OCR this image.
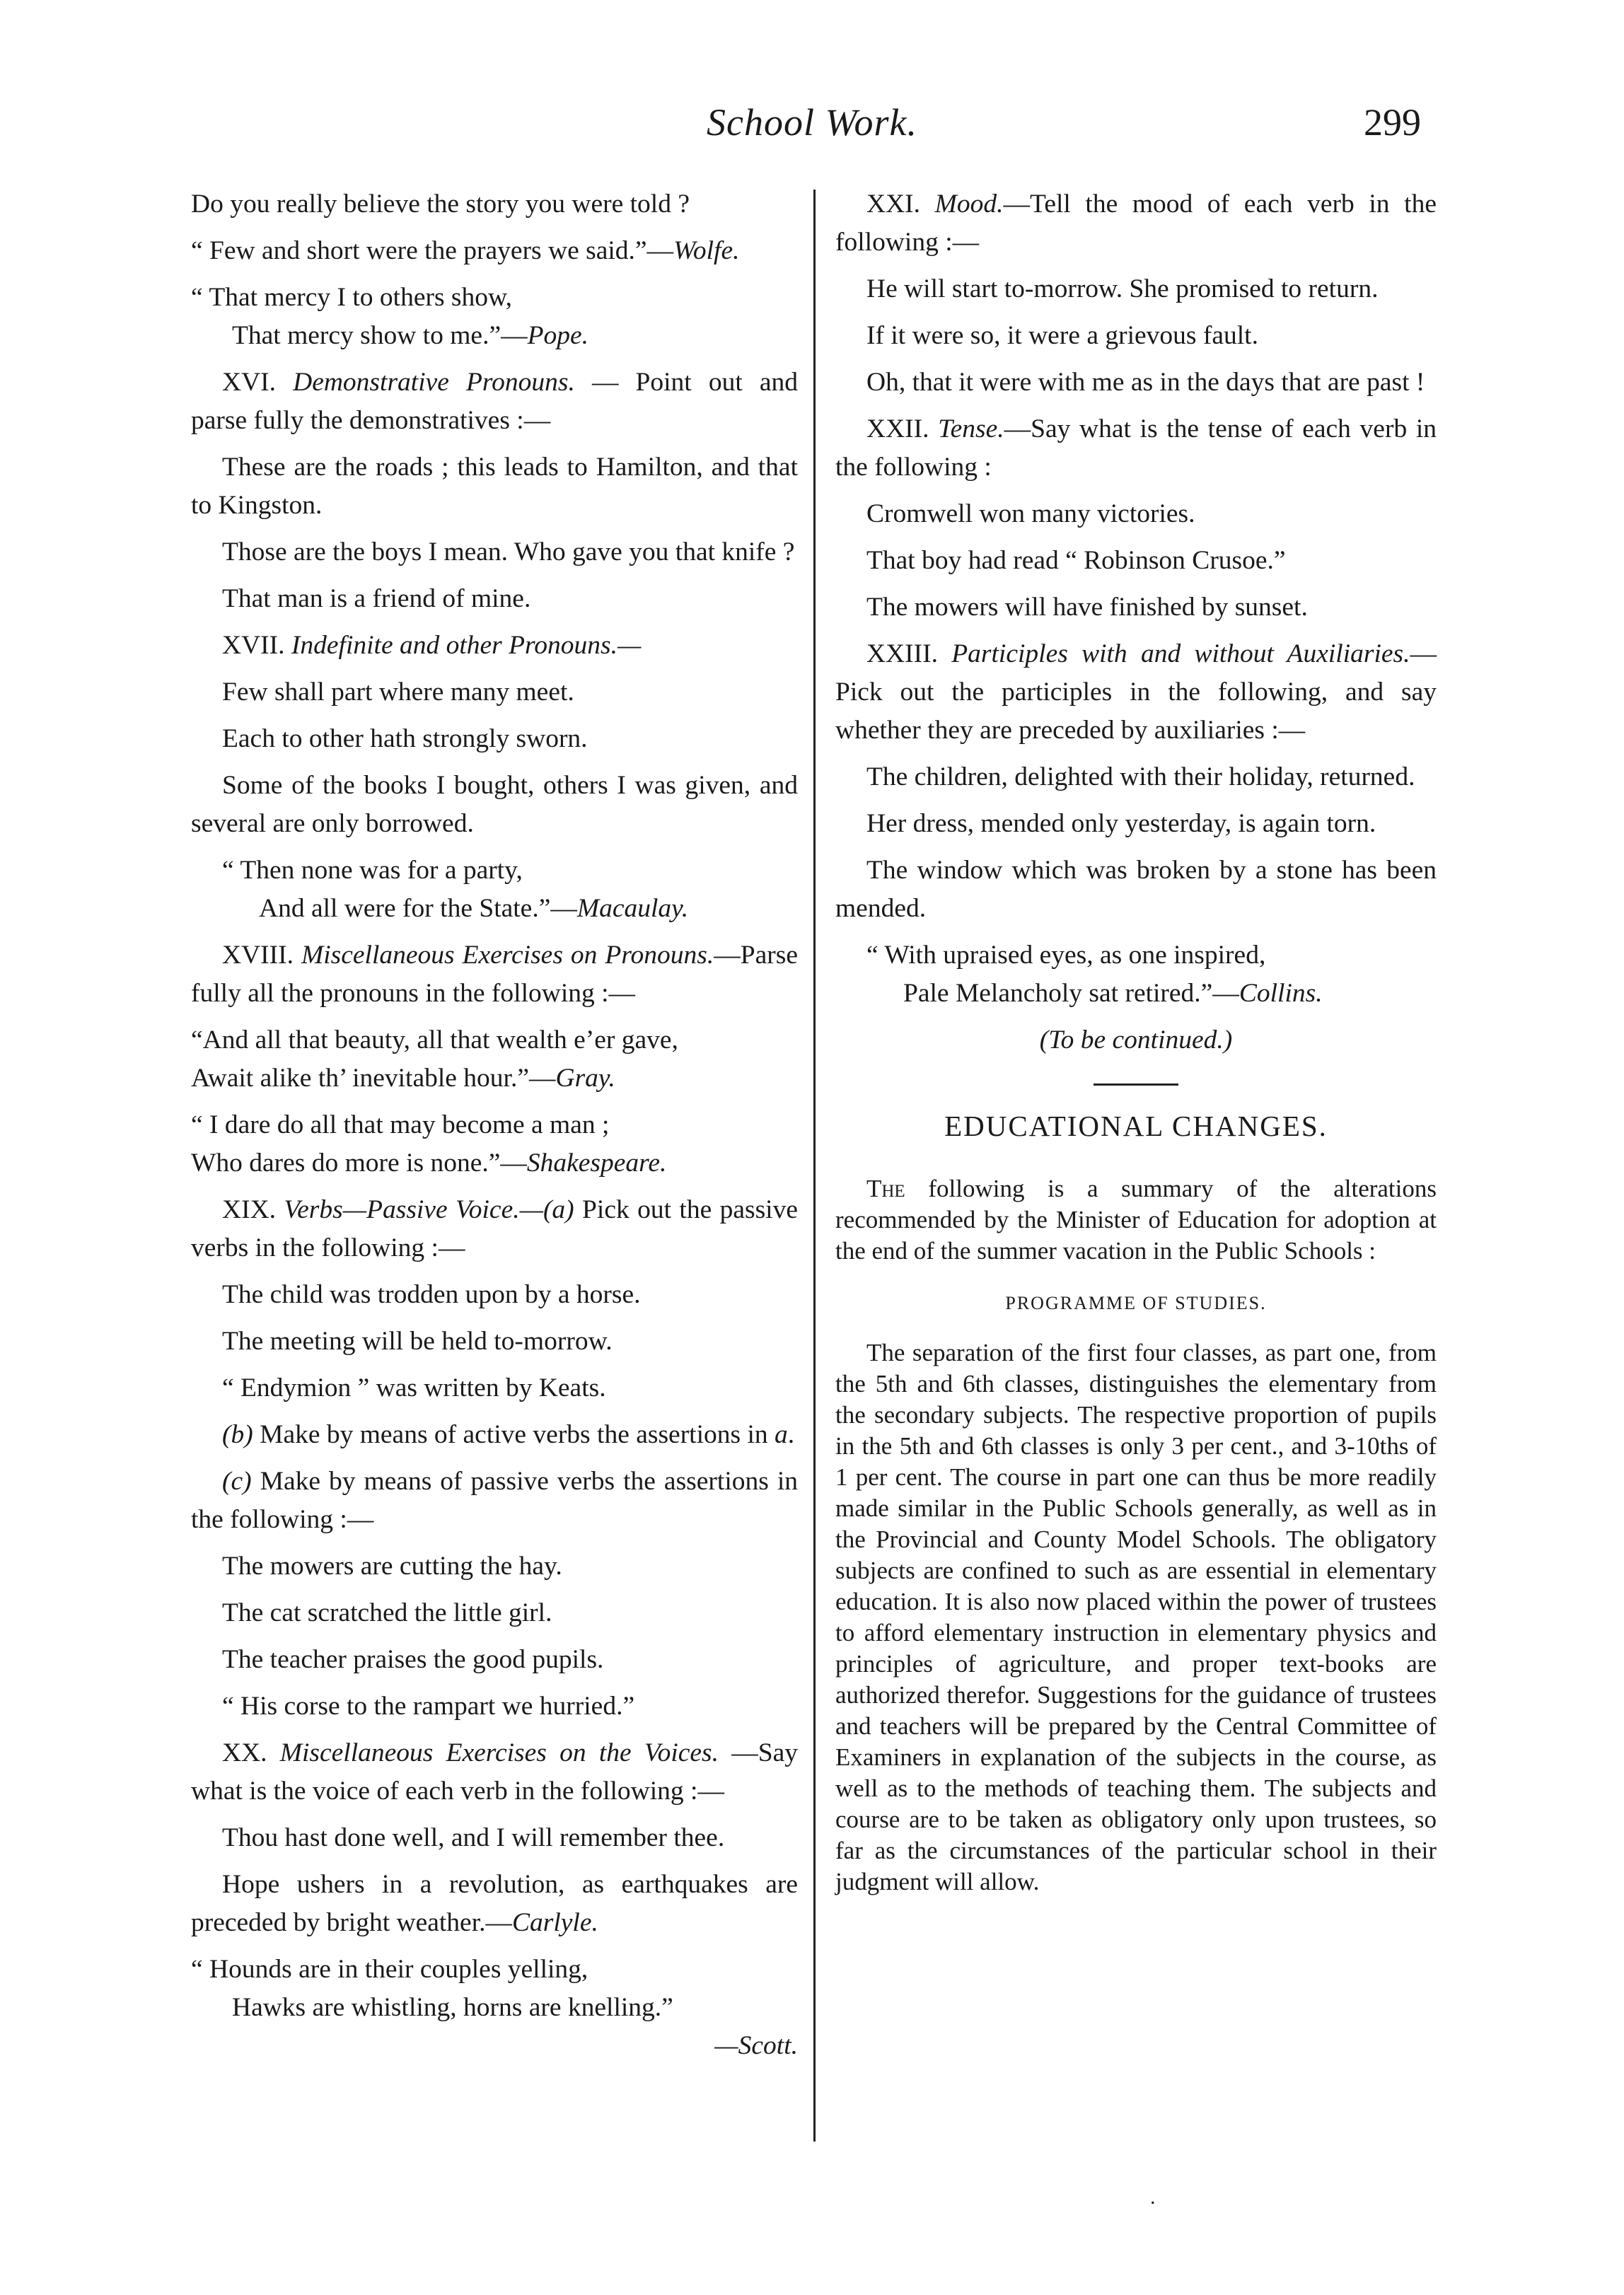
School Work.	299

Do you really believe the story you were told ?

“ Few and short were the prayers we said.”—Wolfe.

“ That mercy I to others show,

That mercy show to me.”—Pope.

XVI. Demonstrative Pronouns. — Point out and parse fully the demonstratives :—

These are the roads ; this leads to Hamilton, and that to Kingston.

Those are the boys I mean. Who gave you that knife ?

That man is a friend of mine.

XVII. Indefinite and other Pronouns.—

Few shall part where many meet.

Each to other hath strongly sworn.

Some of the books I bought, others I was given, and several are only borrowed.

“ Then none was for a party,

And all were for the State.”—Macaulay.

XVIII. Miscellaneous Exercises on Pronouns.—Parse fully all the pronouns in the following :—

“And all that beauty, all that wealth e’er gave,

Await alike th’ inevitable hour.”—Gray.

“ I dare do all that may become a man ;

Who dares do more is none.”—Shakespeare.

XIX. Verbs—Passive Voice.—(a) Pick out the passive verbs in the following :—

The child was trodden upon by a horse.

The meeting will be held to-morrow.

“ Endymion ” was written by Keats.

(b) Make by means of active verbs the assertions in a.

(c) Make by means of passive verbs the assertions in the following :—

The mowers are cutting the hay.

The cat scratched the little girl.

The teacher praises the good pupils.

“ His corse to the rampart we hurried.”

XX. Miscellaneous Exercises on the Voices. —Say what is the voice of each verb in the following :—

Thou hast done well, and I will remember thee.

Hope ushers in a revolution, as earthquakes are preceded by bright weather.—Carlyle.

“ Hounds are in their couples yelling,

Hawks are whistling, horns are knelling.”

—Scott.

XXI. Mood.—Tell the mood of each verb in the following :—

He will start to-morrow. She promised to return.

If it were so, it were a grievous fault.

Oh, that it were with me as in the days that are past !

XXII. Tense.—Say what is the tense of each verb in the following :

Cromwell won many victories.

That boy had read “ Robinson Crusoe.”

The mowers will have finished by sunset.

XXIII. Participles with and without Auxiliaries.—Pick out the participles in the following, and say whether they are preceded by auxiliaries :—

The children, delighted with their holiday, returned.

Her dress, mended only yesterday, is again torn.

The window which was broken by a stone has been mended.

“ With upraised eyes, as one inspired,

Pale Melancholy sat retired.”—Collins.

(To be continued.)

EDUCATIONAL CHANGES.

The following is a summary of the alterations recommended by the Minister of Education for adoption at the end of the summer vacation in the Public Schools :

PROGRAMME OF STUDIES.

The separation of the first four classes, as part one, from the 5th and 6th classes, distinguishes the elementary from the secondary subjects. The respective proportion of pupils in the 5th and 6th classes is only 3 per cent., and 3-10ths of 1 per cent. The course in part one can thus be more readily made similar in the Public Schools generally, as well as in the Provincial and County Model Schools. The obligatory subjects are confined to such as are essential in elementary education. It is also now placed within the power of trustees to afford elementary instruction in elementary physics and principles of agriculture, and proper text-books are authorized therefor. Suggestions for the guidance of trustees and teachers will be prepared by the Central Committee of Examiners in explanation of the subjects in the course, as well as to the methods of teaching them. The subjects and course are to be taken as obligatory only upon trustees, so far as the circumstances of the particular school in their judgment will allow.

.
